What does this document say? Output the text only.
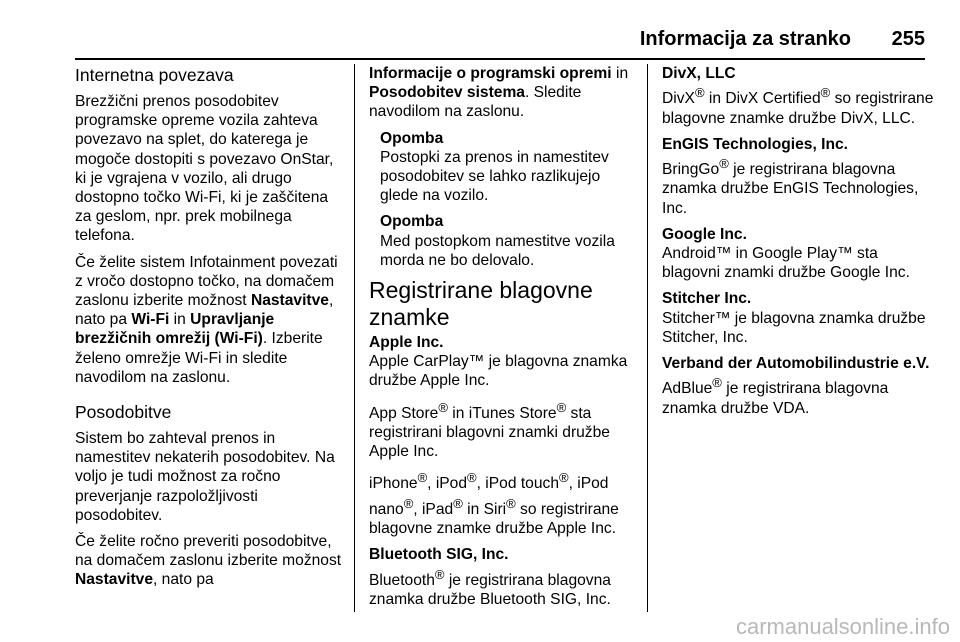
Informacija za stranko 255
Internetna povezava

Brezžični prenos posodobitev programske opreme vozila zahteva povezavo na splet, do katerega je mogoče dostopiti s povezavo OnStar, ki je vgrajena v vozilo, ali drugo dostopno točko Wi-Fi, ki je zaščitena za geslom, npr. prek mobilnega telefona.

Če želite sistem Infotainment povezati z vročo dostopno točko, na domačem zaslonu izberite možnost Nastavitve, nato pa Wi-Fi in Upravljanje brezžičnih omrežij (Wi-Fi). Izberite želeno omrežje Wi-Fi in sledite navodilom na zaslonu.

Posodobitve

Sistem bo zahteval prenos in namestitev nekaterih posodobitev. Na voljo je tudi možnost za ročno preverjanje razpoložljivosti posodobitev.

Če želite ročno preveriti posodobitve, na domačem zaslonu izberite možnost Nastavitve, nato pa

Informacije o programski opremi in Posodobitev sistema. Sledite navodilom na zaslonu.

Opomba

Postopki za prenos in namestitev posodobitev se lahko razlikujejo glede na vozilo.

Opomba

Med postopkom namestitve vozila morda ne bo delovalo.

Registrirane blagovne znamke

Apple Inc.

Apple CarPlay™ je blagovna znamka družbe Apple Inc.

App Store® in iTunes Store® sta registrirani blagovni znamki družbe Apple Inc.

iPhone®, iPod®, iPod touch®, iPod nano®, iPad® in Siri® so registrirane blagovne znamke družbe Apple Inc.

Bluetooth SIG, Inc.

Bluetooth® je registrirana blagovna znamka družbe Bluetooth SIG, Inc.

DivX, LLC

DivX® in DivX Certified® so registrirane blagovne znamke družbe DivX, LLC.

EnGIS Technologies, Inc.

BringGo® je registrirana blagovna znamka družbe EnGIS Technologies, Inc.

Google Inc.

Android™ in Google Play™ sta blagovni znamki družbe Google Inc.

Stitcher Inc.

Stitcher™ je blagovna znamka družbe Stitcher, Inc.

Verband der Automobilindustrie e.V.

AdBlue® je registrirana blagovna znamka družbe VDA.

carmanualsonline.info
